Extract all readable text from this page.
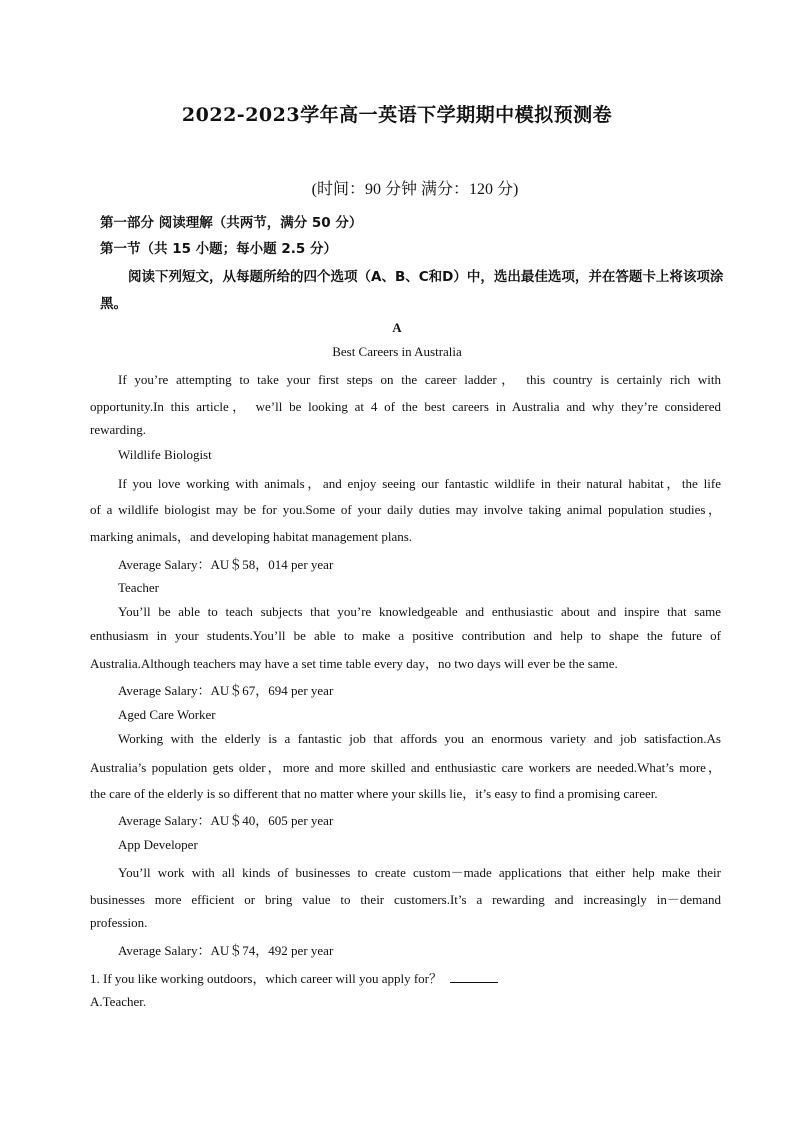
2022-2023学年高一英语下学期期中模拟预测卷
(时间：90 分钟 满分：120 分)
第一部分 阅读理解（共两节，满分 50 分）
第一节（共 15 小题；每小题 2.5 分）
阅读下列短文，从每题所给的四个选项（A、B、C和D）中，选出最佳选项，并在答题卡上将该项涂黑。
A
Best Careers in Australia
If you’re attempting to take your first steps on the career ladder， this country is certainly rich with
opportunity.In this article， we’ll be looking at 4 of the best careers in Australia and why they’re considered
rewarding.
Wildlife Biologist
If you love working with animals，and enjoy seeing our fantastic wildlife in their natural habitat，the life
of a wildlife biologist may be for you.Some of your daily duties may involve taking animal population studies，
marking animals，and developing habitat management plans.
Average Salary：AU＄58，014 per year
Teacher
You’ll be able to teach subjects that you’re knowledgeable and enthusiastic about and inspire that same
enthusiasm in your students.You’ll be able to make a positive contribution and help to shape the future of
Australia.Although teachers may have a set time table every day，no two days will ever be the same.
Average Salary：AU＄67，694 per year
Aged Care Worker
Working with the elderly is a fantastic job that affords you an enormous variety and job satisfaction.As
Australia’s population gets older，more and more skilled and enthusiastic care workers are needed.What’s more，
the care of the elderly is so different that no matter where your skills lie，it’s easy to find a promising career.
Average Salary：AU＄40，605 per year
App Developer
You’ll work with all kinds of businesses to create custom－made applications that either help make their
businesses more efficient or bring value to their customers.It’s a rewarding and increasingly in－demand
profession.
Average Salary：AU＄74，492 per year
1. If you like working outdoors，which career will you apply for？
A.Teacher.
